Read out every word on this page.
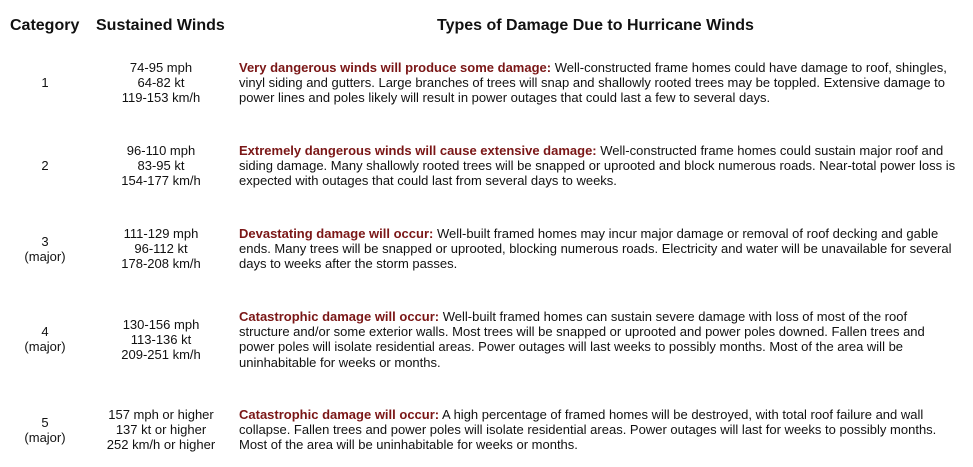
Category Sustained Winds	Types of Damage Due to Hurricane Winds
1
74-95 mph
64-82 kt
119-153 km/h
Very dangerous winds will produce some damage: Well-constructed frame homes could have damage to roof, shingles, vinyl siding and gutters. Large branches of trees will snap and shallowly rooted trees may be toppled. Extensive damage to power lines and poles likely will result in power outages that could last a few to several days.
2
96-110 mph
83-95 kt
154-177 km/h
Extremely dangerous winds will cause extensive damage: Well-constructed frame homes could sustain major roof and siding damage. Many shallowly rooted trees will be snapped or uprooted and block numerous roads. Near-total power loss is expected with outages that could last from several days to weeks.
3
(major)
111-129 mph
96-112 kt
178-208 km/h
Devastating damage will occur: Well-built framed homes may incur major damage or removal of roof decking and gable ends. Many trees will be snapped or uprooted, blocking numerous roads. Electricity and water will be unavailable for several days to weeks after the storm passes.
4
(major)
130-156 mph
113-136 kt
209-251 km/h
Catastrophic damage will occur: Well-built framed homes can sustain severe damage with loss of most of the roof structure and/or some exterior walls. Most trees will be snapped or uprooted and power poles downed. Fallen trees and power poles will isolate residential areas. Power outages will last weeks to possibly months. Most of the area will be uninhabitable for weeks or months.
5
(major)
157 mph or higher
137 kt or higher
252 km/h or higher
Catastrophic damage will occur: A high percentage of framed homes will be destroyed, with total roof failure and wall collapse. Fallen trees and power poles will isolate residential areas. Power outages will last for weeks to possibly months. Most of the area will be uninhabitable for weeks or months.
